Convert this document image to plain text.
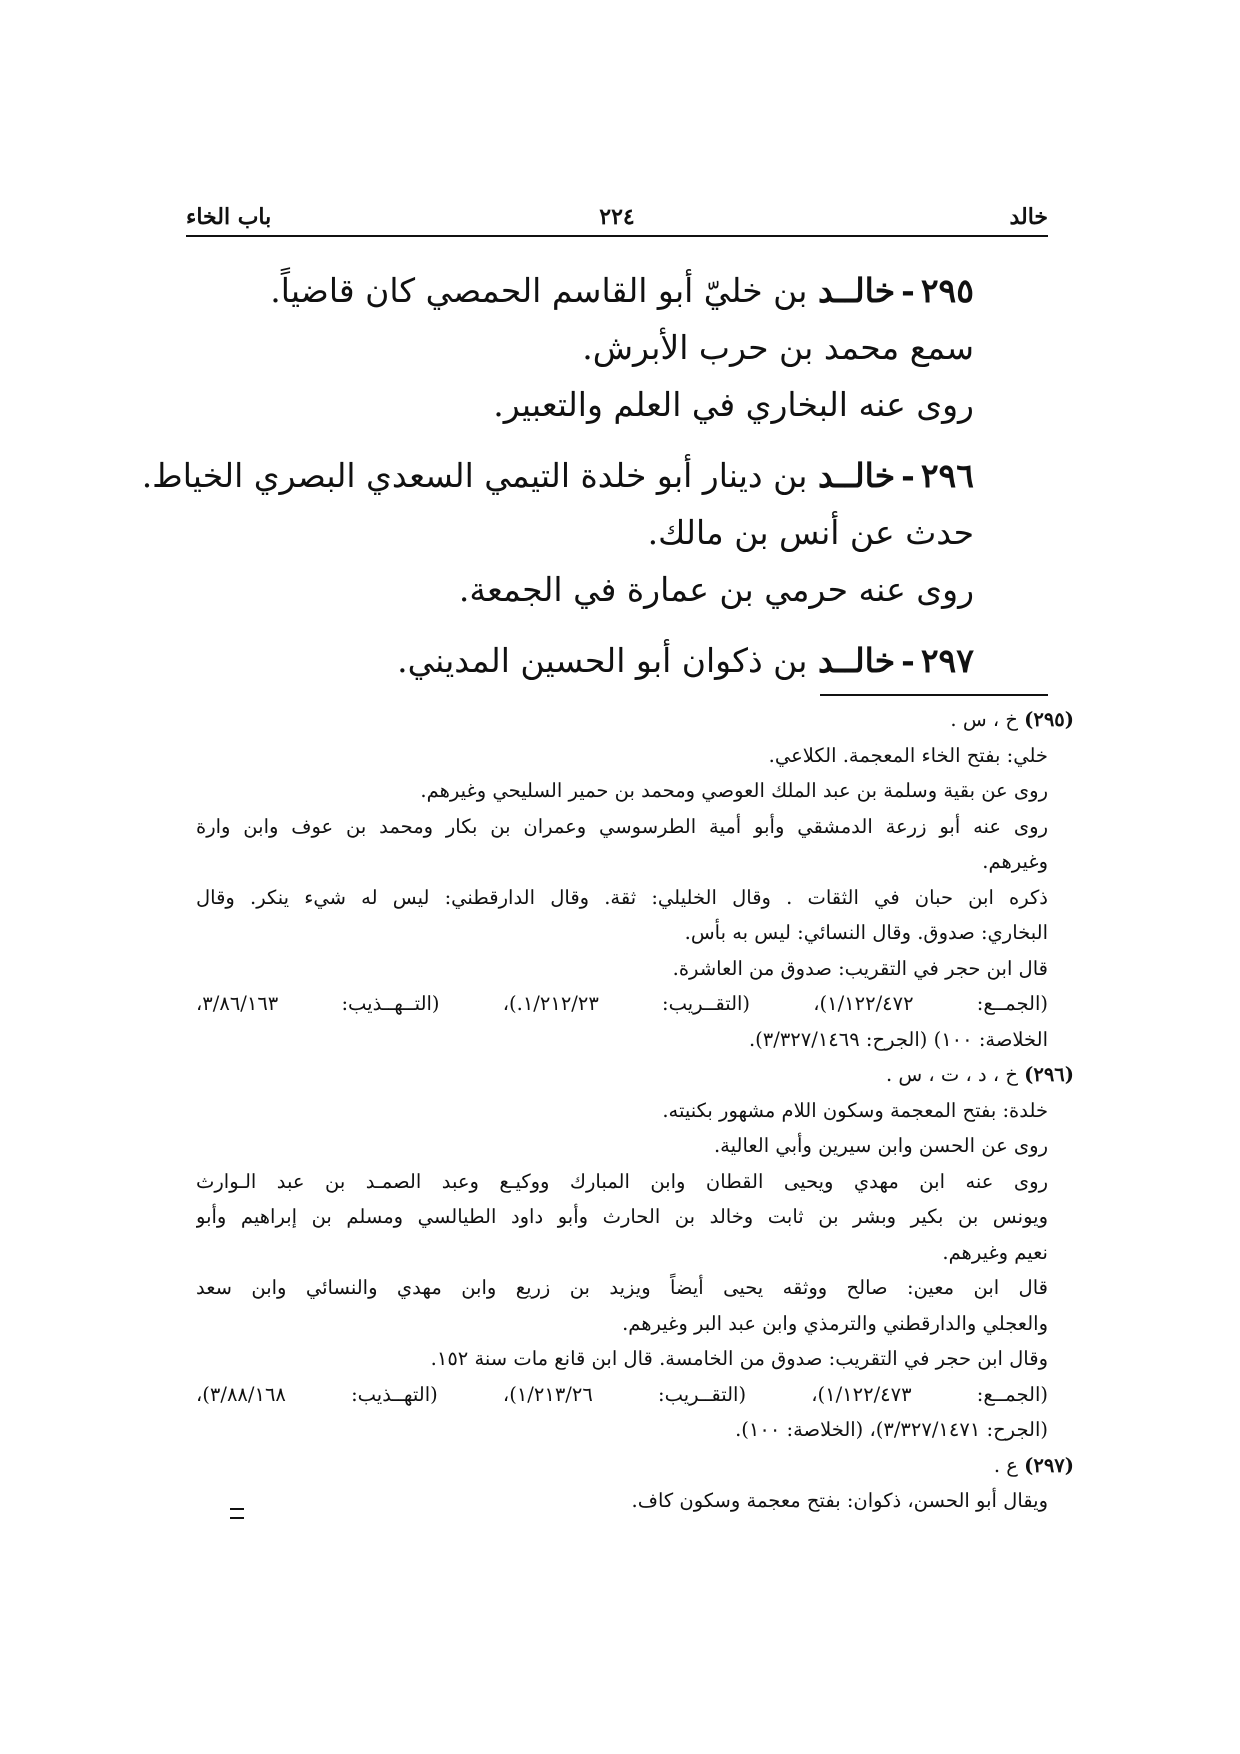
خالد
٢٢٤
باب الخاء
٢٩٥-خالــد بن خليّ أبو القاسم الحمصي كان قاضياً.
سمع محمد بن حرب الأبرش.
روى عنه البخاري في العلم والتعبير.
٢٩٦-خالــد بن دينار أبو خلدة التيمي السعدي البصري الخياط.
حدث عن أنس بن مالك.
روى عنه حرمي بن عمارة في الجمعة.
٢٩٧-خالــد بن ذكوان أبو الحسين المديني.
(٢٩٥) خ ، س .
خلي: بفتح الخاء المعجمة. الكلاعي.
روى عن بقية وسلمة بن عبد الملك العوصي ومحمد بن حمير السليحي وغيرهم.
روى عنه أبو زرعة الدمشقي وأبو أمية الطرسوسي وعمران بن بكار ومحمد بن عوف وابن وارة
وغيرهم.
ذكره ابن حبان في الثقات . وقال الخليلي: ثقة. وقال الدارقطني: ليس له شيء ينكر. وقال
البخاري: صدوق. وقال النسائي: ليس به بأس.
قال ابن حجر في التقريب: صدوق من العاشرة.
(الجمــع: ١/١٢٢/٤٧٢)، (التقــريب: ١/٢١٢/٢٣.)، (التــهــذيب: ٣/٨٦/١٦٣،
الخلاصة: ١٠٠) (الجرح: ٣/٣٢٧/١٤٦٩).
(٢٩٦) خ ، د ، ت ، س .
خلدة: بفتح المعجمة وسكون اللام مشهور بكنيته.
روى عن الحسن وابن سيرين وأبي العالية.
روى عنه ابن مهدي ويحيى القطان وابن المبارك ووكيـع وعبد الصمـد بن عبد الـوارث
ويونس بن بكير وبشر بن ثابت وخالد بن الحارث وأبو داود الطيالسي ومسلم بن إبراهيم وأبو
نعيم وغيرهم.
قال ابن معين: صالح ووثقه يحيى أيضاً ويزيد بن زريع وابن مهدي والنسائي وابن سعد
والعجلي والدارقطني والترمذي وابن عبد البر وغيرهم.
وقال ابن حجر في التقريب: صدوق من الخامسة. قال ابن قانع مات سنة ١٥٢.
(الجمــع: ١/١٢٢/٤٧٣)، (التقــريب: ١/٢١٣/٢٦)، (التهــذيب: ٣/٨٨/١٦٨)،
(الجرح: ٣/٣٢٧/١٤٧١)، (الخلاصة: ١٠٠).
(٢٩٧) ع .
ويقال أبو الحسن، ذكوان: بفتح معجمة وسكون كاف.
